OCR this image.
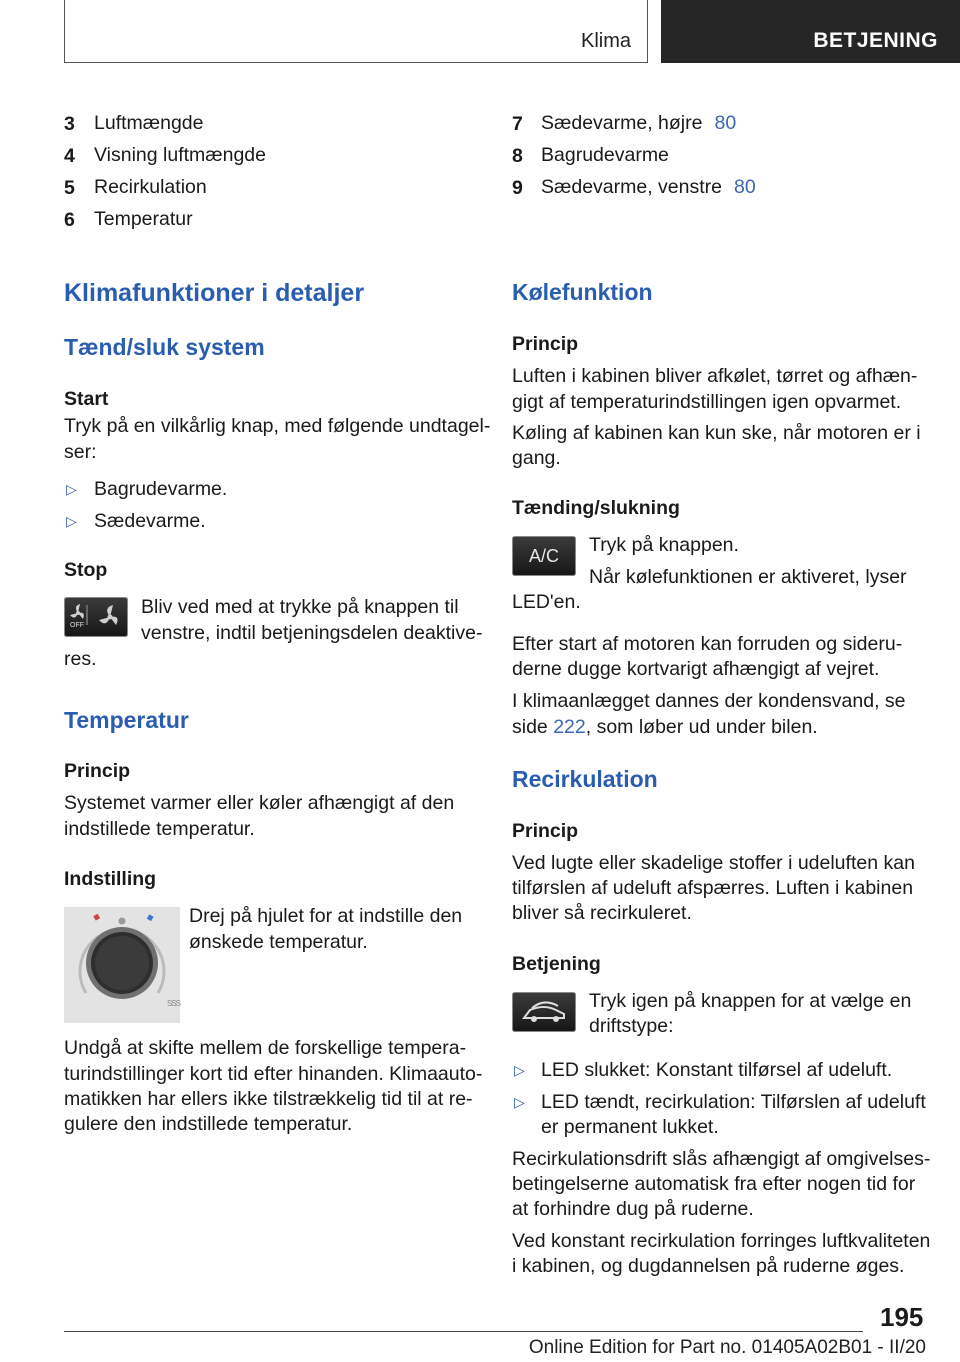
Klima	BETJENING
3 Luftmængde
4 Visning luftmængde
5 Recirkulation
6 Temperatur
7 Sædevarme, højre 80
8 Bagrudevarme
9 Sædevarme, venstre 80
Klimafunktioner i detaljer
Tænd/sluk system
Start
Tryk på en vilkårlig knap, med følgende undtagel-
ser:
▷ Bagrudevarme.
▷ Sædevarme.
Stop
OFF
Bliv ved med at trykke på knappen til
venstre, indtil betjeningsdelen deaktive-
res.
Temperatur
Princip
Systemet varmer eller køler afhængigt af den
indstillede temperatur.
Indstilling
SSS
Drej på hjulet for at indstille den
ønskede temperatur.
Undgå at skifte mellem de forskellige tempera-
turindstillinger kort tid efter hinanden. Klimaauto-
matikken har ellers ikke tilstrækkelig tid til at re-
gulere den indstillede temperatur.
Kølefunktion
Princip
Luften i kabinen bliver afkølet, tørret og afhæn-
gigt af temperaturindstillingen igen opvarmet.
Køling af kabinen kan kun ske, når motoren er i
gang.
Tænding/slukning
A/C	Tryk på knappen.
Når kølefunktionen er aktiveret, lyser
LED'en.
Efter start af motoren kan forruden og sideru-
derne dugge kortvarigt afhængigt af vejret.
I klimaanlægget dannes der kondensvand, se
side 222, som løber ud under bilen.
Recirkulation
Princip
Ved lugte eller skadelige stoffer i udeluften kan
tilførslen af udeluft afspærres. Luften i kabinen
bliver så recirkuleret.
Betjening
Tryk igen på knappen for at vælge en
driftstype:
▷ LED slukket: Konstant tilførsel af udeluft.
▷ LED tændt, recirkulation: Tilførslen af udeluft
er permanent lukket.
Recirkulationsdrift slås afhængigt af omgivelses-
betingelserne automatisk fra efter nogen tid for
at forhindre dug på ruderne.
Ved konstant recirkulation forringes luftkvaliteten
i kabinen, og dugdannelsen på ruderne øges.
195
Online Edition for Part no. 01405A02B01 - II/20
